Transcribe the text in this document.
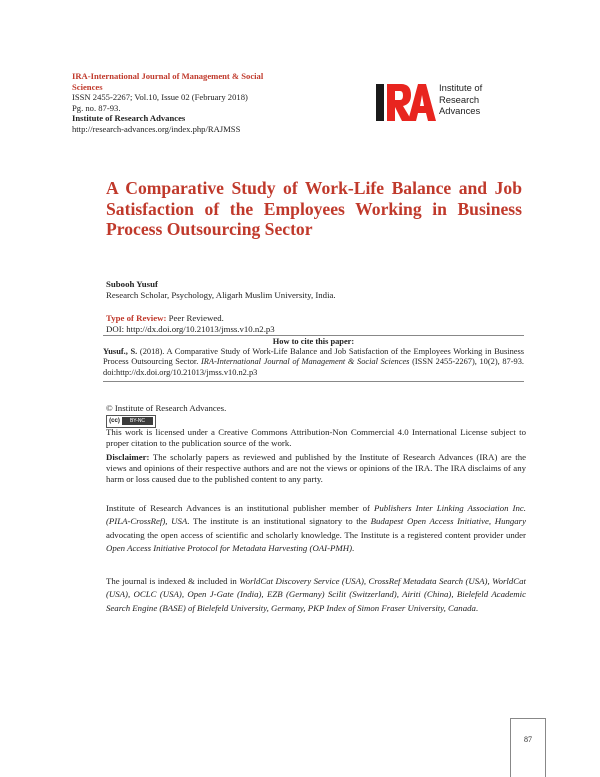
IRA-International Journal of Management & Social Sciences
ISSN 2455-2267; Vol.10, Issue 02 (February 2018)
Pg. no. 87-93.
Institute of Research Advances
http://research-advances.org/index.php/RAJMSS
Institute of
Research
Advances
A Comparative Study of Work-Life Balance and Job Satisfaction of the Employees Working in Business Process Outsourcing Sector
Subooh Yusuf
Research Scholar, Psychology, Aligarh Muslim University, India.
Type of Review: Peer Reviewed.
DOI: http://dx.doi.org/10.21013/jmss.v10.n2.p3
How to cite this paper:
Yusuf., S. (2018). A Comparative Study of Work-Life Balance and Job Satisfaction of the Employees Working in Business Process Outsourcing Sector. IRA-International Journal of Management & Social Sciences (ISSN 2455-2267), 10(2), 87-93. doi:http://dx.doi.org/10.21013/jmss.v10.n2.p3
© Institute of Research Advances.
(cc)	BY-NC
This work is licensed under a Creative Commons Attribution-Non Commercial 4.0 International License subject to proper citation to the publication source of the work.
Disclaimer: The scholarly papers as reviewed and published by the Institute of Research Advances (IRA) are the views and opinions of their respective authors and are not the views or opinions of the IRA. The IRA disclaims of any harm or loss caused due to the published content to any party.
Institute of Research Advances is an institutional publisher member of Publishers Inter Linking Association Inc. (PILA-CrossRef), USA. The institute is an institutional signatory to the Budapest Open Access Initiative, Hungary advocating the open access of scientific and scholarly knowledge. The Institute is a registered content provider under Open Access Initiative Protocol for Metadata Harvesting (OAI-PMH).
The journal is indexed & included in WorldCat Discovery Service (USA), CrossRef Metadata Search (USA), WorldCat (USA), OCLC (USA), Open J-Gate (India), EZB (Germany) Scilit (Switzerland), Airiti (China), Bielefeld Academic Search Engine (BASE) of Bielefeld University, Germany, PKP Index of Simon Fraser University, Canada.
87
